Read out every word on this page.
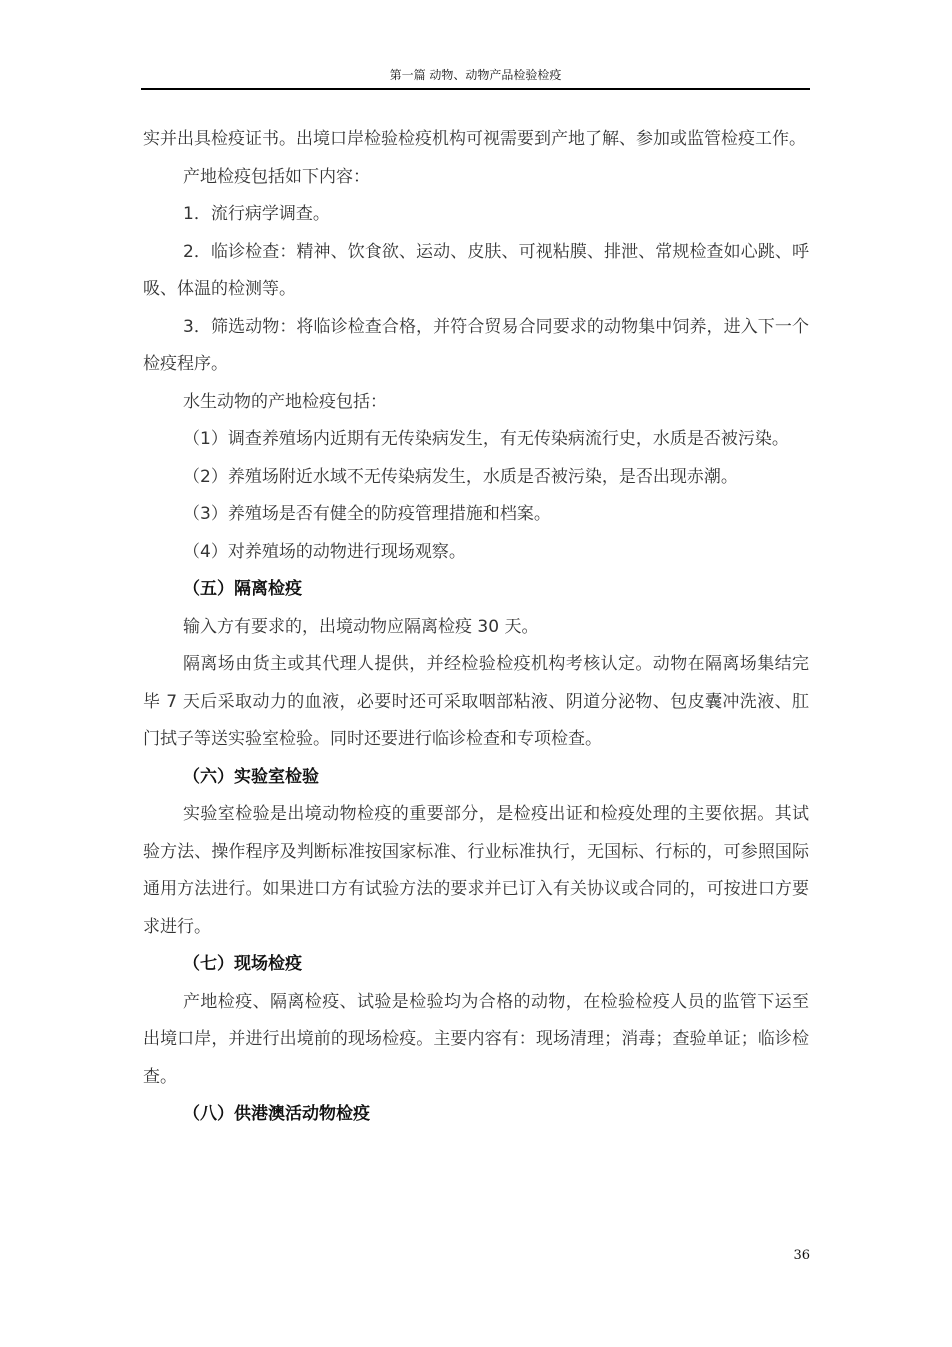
第一篇 动物、动物产品检验检疫

实并出具检疫证书。出境口岸检验检疫机构可视需要到产地了解、参加或监管检疫工作。

产地检疫包括如下内容：

1．流行病学调查。

2．临诊检查：精神、饮食欲、运动、皮肤、可视粘膜、排泄、常规检查如心跳、呼吸、体温的检测等。

3．筛选动物：将临诊检查合格，并符合贸易合同要求的动物集中饲养，进入下一个检疫程序。

水生动物的产地检疫包括：

（1）调查养殖场内近期有无传染病发生，有无传染病流行史，水质是否被污染。

（2）养殖场附近水域不无传染病发生，水质是否被污染，是否出现赤潮。

（3）养殖场是否有健全的防疫管理措施和档案。

（4）对养殖场的动物进行现场观察。

（五）隔离检疫

输入方有要求的，出境动物应隔离检疫 30 天。

隔离场由货主或其代理人提供，并经检验检疫机构考核认定。动物在隔离场集结完毕 7 天后采取动力的血液，必要时还可采取咽部粘液、阴道分泌物、包皮囊冲洗液、肛门拭子等送实验室检验。同时还要进行临诊检查和专项检查。

（六）实验室检验

实验室检验是出境动物检疫的重要部分，是检疫出证和检疫处理的主要依据。其试验方法、操作程序及判断标准按国家标准、行业标准执行，无国标、行标的，可参照国际通用方法进行。如果进口方有试验方法的要求并已订入有关协议或合同的，可按进口方要求进行。

（七）现场检疫

产地检疫、隔离检疫、试验是检验均为合格的动物，在检验检疫人员的监管下运至出境口岸，并进行出境前的现场检疫。主要内容有：现场清理；消毒；查验单证；临诊检查。

（八）供港澳活动物检疫

36
